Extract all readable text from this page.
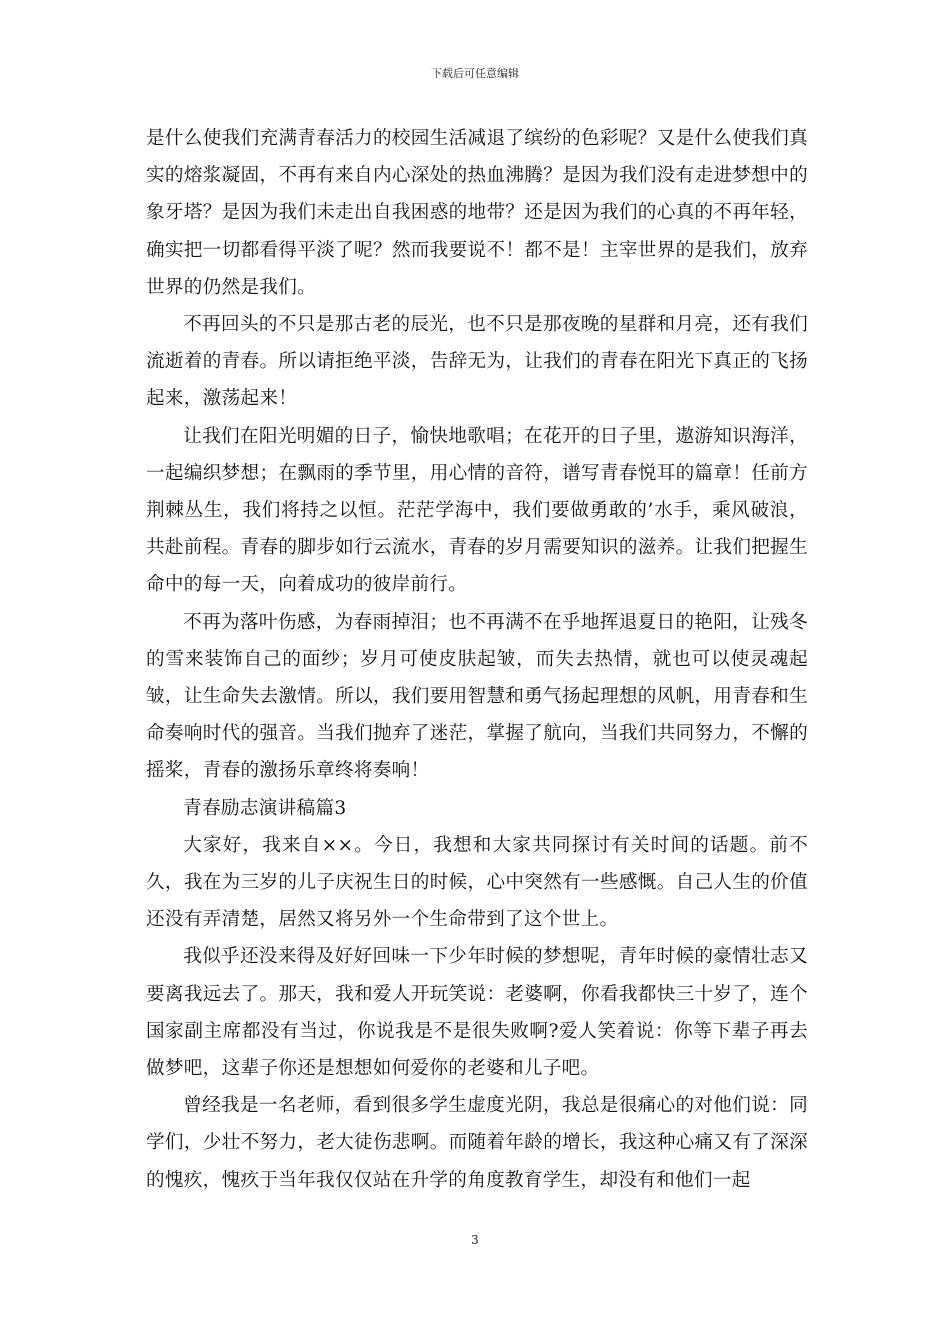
下载后可任意编辑

是什么使我们充满青春活力的校园生活减退了缤纷的色彩呢？又是什么使我们真实的熔浆凝固，不再有来自内心深处的热血沸腾？是因为我们没有走进梦想中的象牙塔？是因为我们未走出自我困惑的地带？还是因为我们的心真的不再年轻，确实把一切都看得平淡了呢？然而我要说不！都不是！主宰世界的是我们，放弃世界的仍然是我们。

不再回头的不只是那古老的辰光，也不只是那夜晚的星群和月亮，还有我们流逝着的青春。所以请拒绝平淡，告辞无为，让我们的青春在阳光下真正的飞扬起来，激荡起来！

让我们在阳光明媚的日子，愉快地歌唱；在花开的日子里，遨游知识海洋，一起编织梦想；在飘雨的季节里，用心情的音符，谱写青春悦耳的篇章！任前方荆棘丛生，我们将持之以恒。茫茫学海中，我们要做勇敢的’水手，乘风破浪，共赴前程。青春的脚步如行云流水，青春的岁月需要知识的滋养。让我们把握生命中的每一天，向着成功的彼岸前行。

不再为落叶伤感，为春雨掉泪；也不再满不在乎地挥退夏日的艳阳，让残冬的雪来装饰自己的面纱；岁月可使皮肤起皱，而失去热情，就也可以使灵魂起皱，让生命失去激情。所以，我们要用智慧和勇气扬起理想的风帆，用青春和生命奏响时代的强音。当我们抛弃了迷茫，掌握了航向，当我们共同努力，不懈的摇桨，青春的激扬乐章终将奏响！

青春励志演讲稿篇3

大家好，我来自××。今日，我想和大家共同探讨有关时间的话题。前不久，我在为三岁的儿子庆祝生日的时候，心中突然有一些感慨。自己人生的价值还没有弄清楚，居然又将另外一个生命带到了这个世上。

我似乎还没来得及好好回味一下少年时候的梦想呢，青年时候的豪情壮志又要离我远去了。那天，我和爱人开玩笑说：老婆啊，你看我都快三十岁了，连个国家副主席都没有当过，你说我是不是很失败啊?爱人笑着说：你等下辈子再去做梦吧，这辈子你还是想想如何爱你的老婆和儿子吧。

曾经我是一名老师，看到很多学生虚度光阴，我总是很痛心的对他们说：同学们，少壮不努力，老大徒伤悲啊。而随着年龄的增长，我这种心痛又有了深深的愧疚，愧疚于当年我仅仅站在升学的角度教育学生，却没有和他们一起

3
